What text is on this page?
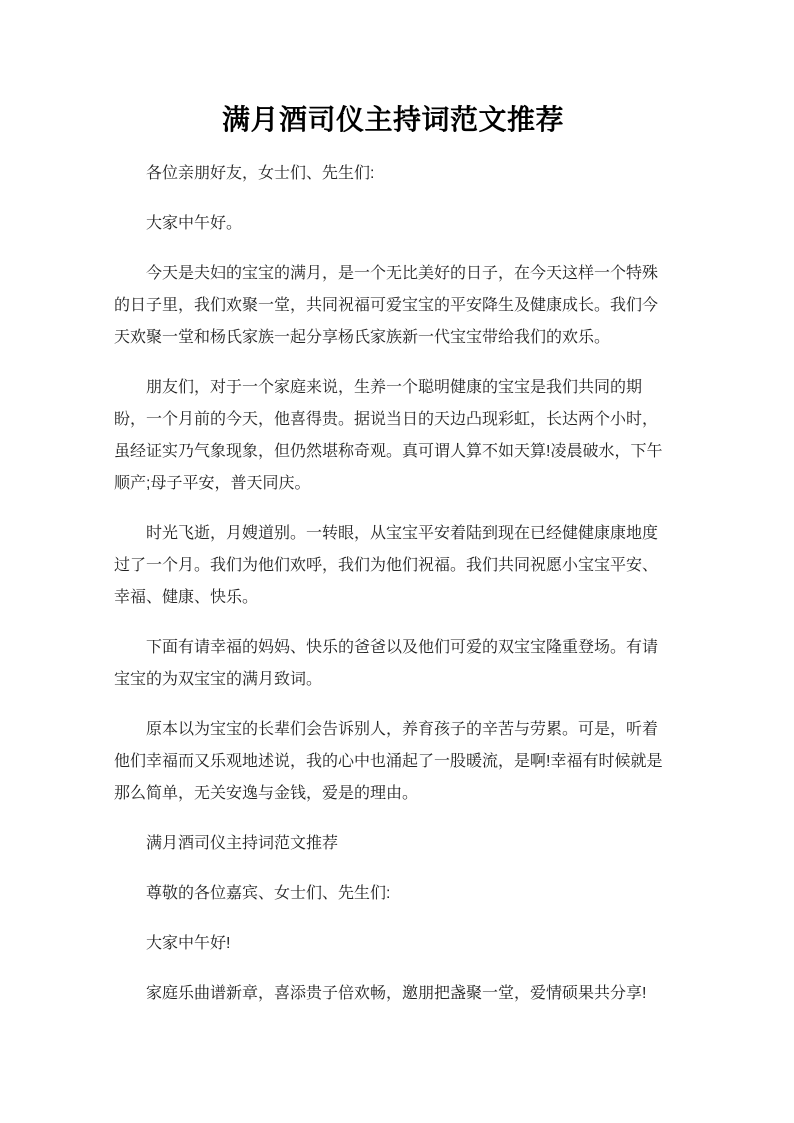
满月酒司仪主持词范文推荐

各位亲朋好友，女士们、先生们:

大家中午好。

今天是夫妇的宝宝的满月，是一个无比美好的日子，在今天这样一个特殊的日子里，我们欢聚一堂，共同祝福可爱宝宝的平安降生及健康成长。我们今天欢聚一堂和杨氏家族一起分享杨氏家族新一代宝宝带给我们的欢乐。

朋友们，对于一个家庭来说，生养一个聪明健康的宝宝是我们共同的期盼，一个月前的今天，他喜得贵。据说当日的天边凸现彩虹，长达两个小时，虽经证实乃气象现象，但仍然堪称奇观。真可谓人算不如天算!凌晨破水，下午顺产;母子平安，普天同庆。

时光飞逝，月嫂道别。一转眼，从宝宝平安着陆到现在已经健健康康地度过了一个月。我们为他们欢呼，我们为他们祝福。我们共同祝愿小宝宝平安、幸福、健康、快乐。

下面有请幸福的妈妈、快乐的爸爸以及他们可爱的双宝宝隆重登场。有请宝宝的为双宝宝的满月致词。

原本以为宝宝的长辈们会告诉别人，养育孩子的辛苦与劳累。可是，听着他们幸福而又乐观地述说，我的心中也涌起了一股暖流，是啊!幸福有时候就是那么简单，无关安逸与金钱，爱是的理由。

满月酒司仪主持词范文推荐

尊敬的各位嘉宾、女士们、先生们:

大家中午好!

家庭乐曲谱新章，喜添贵子倍欢畅，邀朋把盏聚一堂，爱情硕果共分享!
